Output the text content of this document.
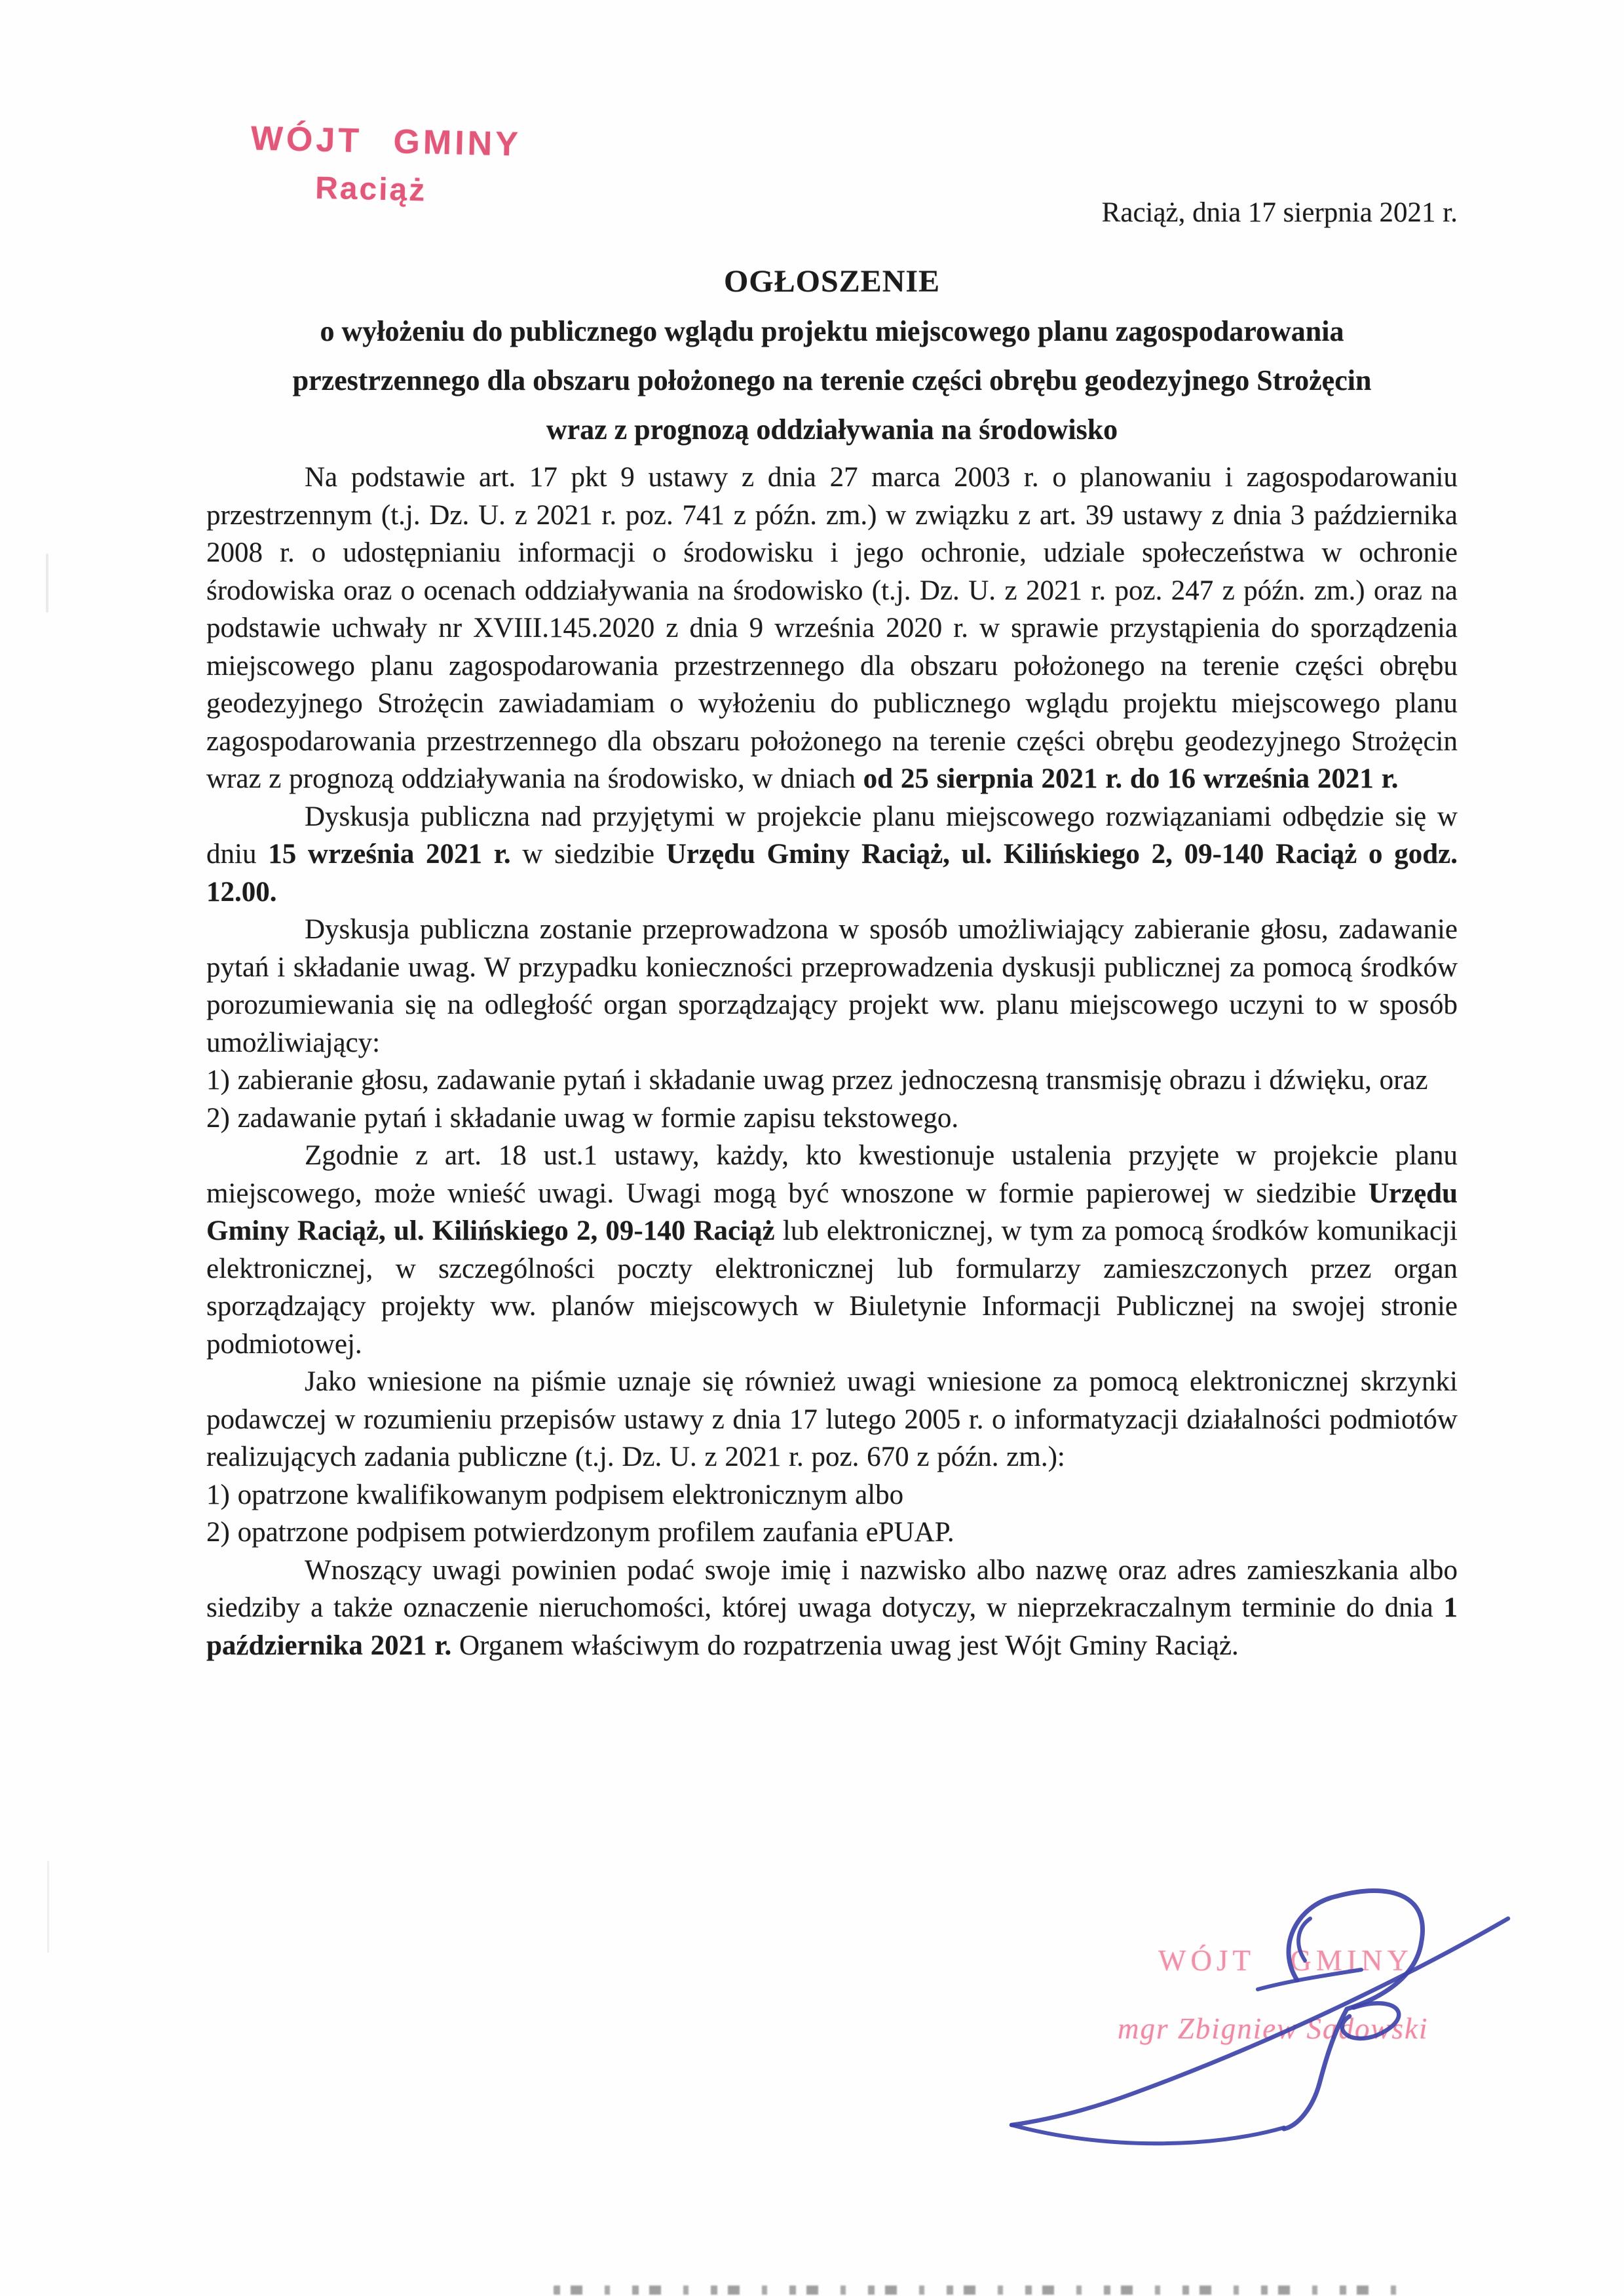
WÓJT GMINY
Raciąż
Raciąż, dnia 17 sierpnia 2021 r.
OGŁOSZENIE
o wyłożeniu do publicznego wglądu projektu miejscowego planu zagospodarowania
przestrzennego dla obszaru położonego na terenie części obrębu geodezyjnego Strożęcin
wraz z prognozą oddziaływania na środowisko

Na podstawie art. 17 pkt 9 ustawy z dnia 27 marca 2003 r. o planowaniu i zagospodarowaniu przestrzennym (t.j. Dz. U. z 2021 r. poz. 741 z późn. zm.) w związku z art. 39 ustawy z dnia 3 października 2008 r. o udostępnianiu informacji o środowisku i jego ochronie, udziale społeczeństwa w ochronie środowiska oraz o ocenach oddziaływania na środowisko (t.j. Dz. U. z 2021 r. poz. 247 z późn. zm.) oraz na podstawie uchwały nr XVIII.145.2020 z dnia 9 września 2020 r. w sprawie przystąpienia do sporządzenia miejscowego planu zagospodarowania przestrzennego dla obszaru położonego na terenie części obrębu geodezyjnego Strożęcin zawiadamiam o wyłożeniu do publicznego wglądu projektu miejscowego planu zagospodarowania przestrzennego dla obszaru położonego na terenie części obrębu geodezyjnego Strożęcin wraz z prognozą oddziaływania na środowisko, w dniach od 25 sierpnia 2021 r. do 16 września 2021 r.

Dyskusja publiczna nad przyjętymi w projekcie planu miejscowego rozwiązaniami odbędzie się w dniu 15 września 2021 r. w siedzibie Urzędu Gminy Raciąż, ul. Kilińskiego 2, 09-140 Raciąż o godz. 12.00.

Dyskusja publiczna zostanie przeprowadzona w sposób umożliwiający zabieranie głosu, zadawanie pytań i składanie uwag. W przypadku konieczności przeprowadzenia dyskusji publicznej za pomocą środków porozumiewania się na odległość organ sporządzający projekt ww. planu miejscowego uczyni to w sposób umożliwiający:

1) zabieranie głosu, zadawanie pytań i składanie uwag przez jednoczesną transmisję obrazu i dźwięku, oraz

2) zadawanie pytań i składanie uwag w formie zapisu tekstowego.

Zgodnie z art. 18 ust.1 ustawy, każdy, kto kwestionuje ustalenia przyjęte w projekcie planu miejscowego, może wnieść uwagi. Uwagi mogą być wnoszone w formie papierowej w siedzibie Urzędu Gminy Raciąż, ul. Kilińskiego 2, 09-140 Raciąż lub elektronicznej, w tym za pomocą środków komunikacji elektronicznej, w szczególności poczty elektronicznej lub formularzy zamieszczonych przez organ sporządzający projekty ww. planów miejscowych w Biuletynie Informacji Publicznej na swojej stronie podmiotowej.

Jako wniesione na piśmie uznaje się również uwagi wniesione za pomocą elektronicznej skrzynki podawczej w rozumieniu przepisów ustawy z dnia 17 lutego 2005 r. o informatyzacji działalności podmiotów realizujących zadania publiczne (t.j. Dz. U. z 2021 r. poz. 670 z późn. zm.):

1) opatrzone kwalifikowanym podpisem elektronicznym albo

2) opatrzone podpisem potwierdzonym profilem zaufania ePUAP.

Wnoszący uwagi powinien podać swoje imię i nazwisko albo nazwę oraz adres zamieszkania albo siedziby a także oznaczenie nieruchomości, której uwaga dotyczy, w nieprzekraczalnym terminie do dnia 1 października 2021 r. Organem właściwym do rozpatrzenia uwag jest Wójt Gminy Raciąż.

WÓJT GMINY
mgr Zbigniew Sadowski
